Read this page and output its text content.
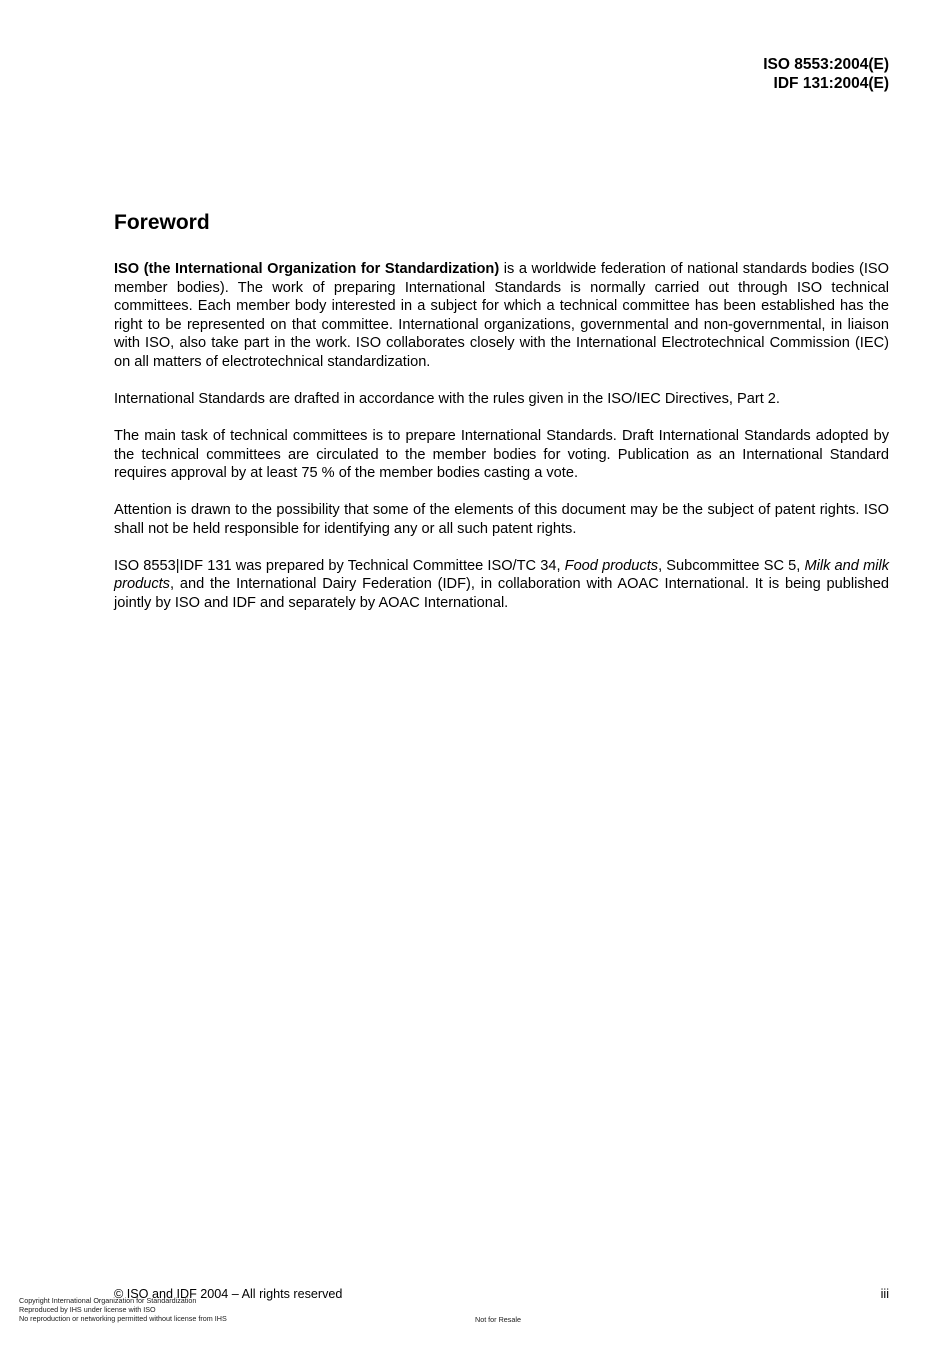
ISO 8553:2004(E)
IDF 131:2004(E)
Foreword

ISO (the International Organization for Standardization) is a worldwide federation of national standards bodies (ISO member bodies). The work of preparing International Standards is normally carried out through ISO technical committees. Each member body interested in a subject for which a technical committee has been established has the right to be represented on that committee. International organizations, governmental and non-governmental, in liaison with ISO, also take part in the work. ISO collaborates closely with the International Electrotechnical Commission (IEC) on all matters of electrotechnical standardization.

International Standards are drafted in accordance with the rules given in the ISO/IEC Directives, Part 2.

The main task of technical committees is to prepare International Standards. Draft International Standards adopted by the technical committees are circulated to the member bodies for voting. Publication as an International Standard requires approval by at least 75 % of the member bodies casting a vote.

Attention is drawn to the possibility that some of the elements of this document may be the subject of patent rights. ISO shall not be held responsible for identifying any or all such patent rights.

ISO 8553|IDF 131 was prepared by Technical Committee ISO/TC 34, Food products, Subcommittee SC 5, Milk and milk products, and the International Dairy Federation (IDF), in collaboration with AOAC International. It is being published jointly by ISO and IDF and separately by AOAC International.

© ISO and IDF 2004 – All rights reserved	iii
Copyright International Organization for Standardization
Reproduced by IHS under license with ISO
No reproduction or networking permitted without license from IHS	Not for Resale
